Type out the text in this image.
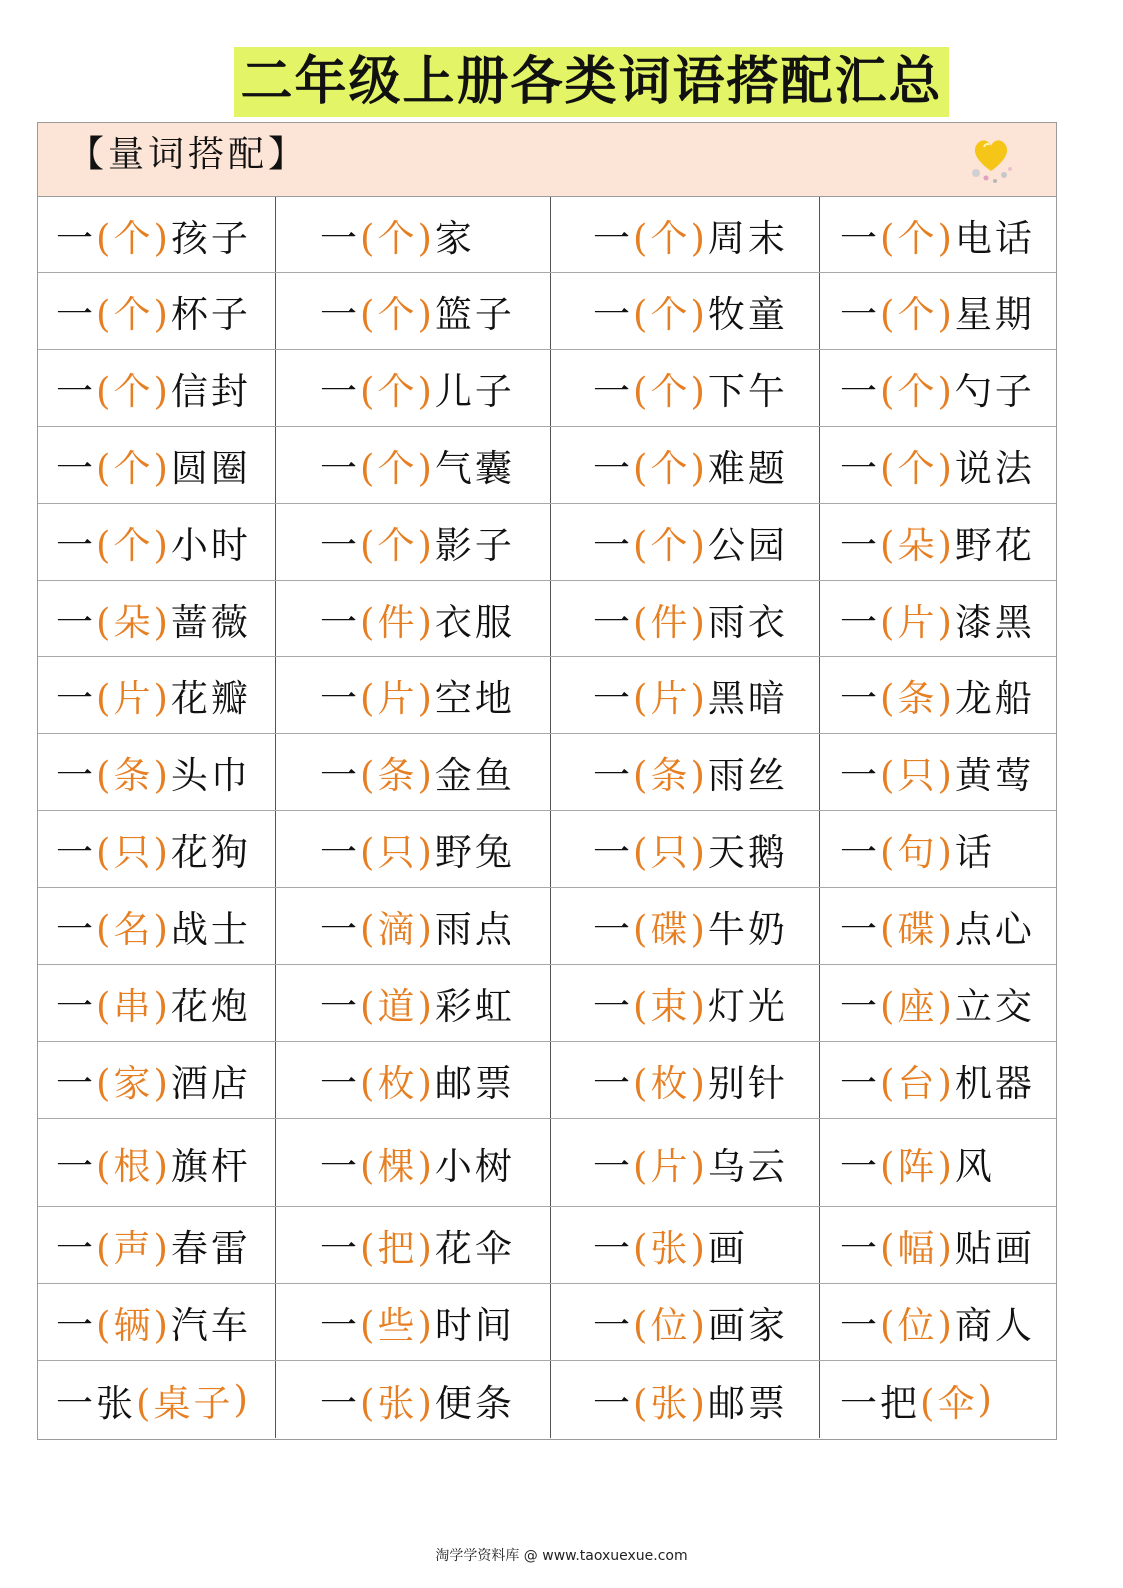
二年级上册各类词语搭配汇总
【量词搭配】
一( 个 )孩子 一( 个 )家	一( 个 )周末 一( 个 )电话
一( 个 )杯子 一( 个 )篮子 一( 个 )牧童 一( 个 )星期
一( 个 )信封 一( 个 )儿子 一( 个 )下午 一( 个 )勺子
一( 个 )圆圈 一( 个 )气囊 一( 个 )难题 一( 个 )说法
一( 个 )小时 一( 个 )影子 一( 个 )公园 一( 朵 )野花
一( 朵 )蔷薇 一( 件 )衣服 一( 件 )雨衣 一( 片 )漆黑
一( 片 )花瓣 一( 片 )空地 一( 片 )黑暗 一( 条 )龙船
一( 条 )头巾 一( 条 )金鱼 一( 条 )雨丝 一( 只 )黄莺
一( 只 )花狗 一( 只 )野兔 一( 只 )天鹅 一( 句 )话
一( 名 )战士 一( 滴 )雨点 一( 碟 )牛奶 一( 碟 )点心
一( 串 )花炮 一( 道 )彩虹 一( 束 )灯光 一( 座 )立交
一( 家 )酒店 一( 枚 )邮票 一( 枚 )别针 一( 台 )机器
一( 根 )旗杆 一( 棵 )小树 一( 片 )乌云 一( 阵 )风
一( 声 )春雷 一( 把 )花伞 一( 张 )画 一( 幅 )贴画
一( 辆 )汽车 一( 些 )时间 一( 位 )画家 一( 位 )商人
一张( 桌子 ) 一( 张 )便条 一( 张 )邮票 一把( 伞 )
淘学学资料库 @ www.taoxuexue.com
